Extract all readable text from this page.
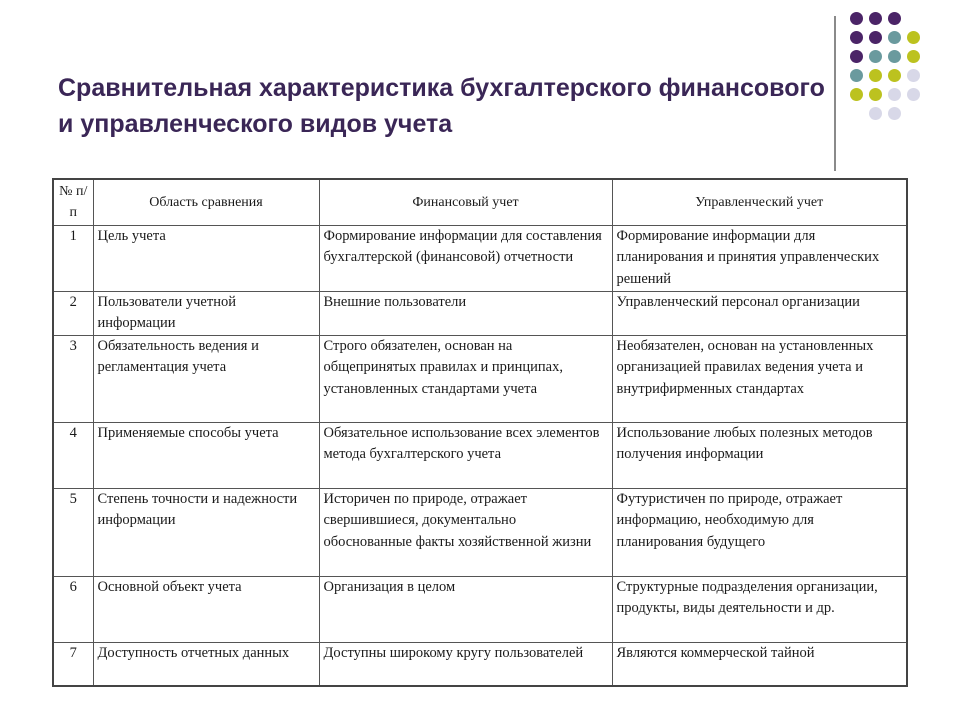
Сравнительная характеристика бухгалтерского финансового и управленческого видов учета
№ п/п	Область сравнения	Финансовый учет	Управленческий учет
1	Цель учета	Формирование информации для составления бухгалтерской (финансовой) отчетности	Формирование информации для планирования и принятия управленческих решений
2	Пользователи учетной информации	Внешние пользователи	Управленческий персонал организации
3	Обязательность ведения и регламентация учета	Строго обязателен, основан на общепринятых правилах и принципах, установленных стандартами учета	Необязателен, основан на установленных организацией правилах ведения учета и внутрифирменных стандартах
4	Применяемые способы учета	Обязательное использование всех элементов метода бухгалтерского учета	Использование любых полезных методов получения информации
5	Степень точности и надежности информации	Историчен по природе, отражает свершившиеся, документально обоснованные факты хозяйственной жизни	Футуристичен по природе, отражает информацию, необходимую для планирования будущего
6	Основной объект учета	Организация в целом	Структурные подразделения организации, продукты, виды деятельности и др.
7	Доступность отчетных данных	Доступны широкому кругу пользователей	Являются коммерческой тайной
